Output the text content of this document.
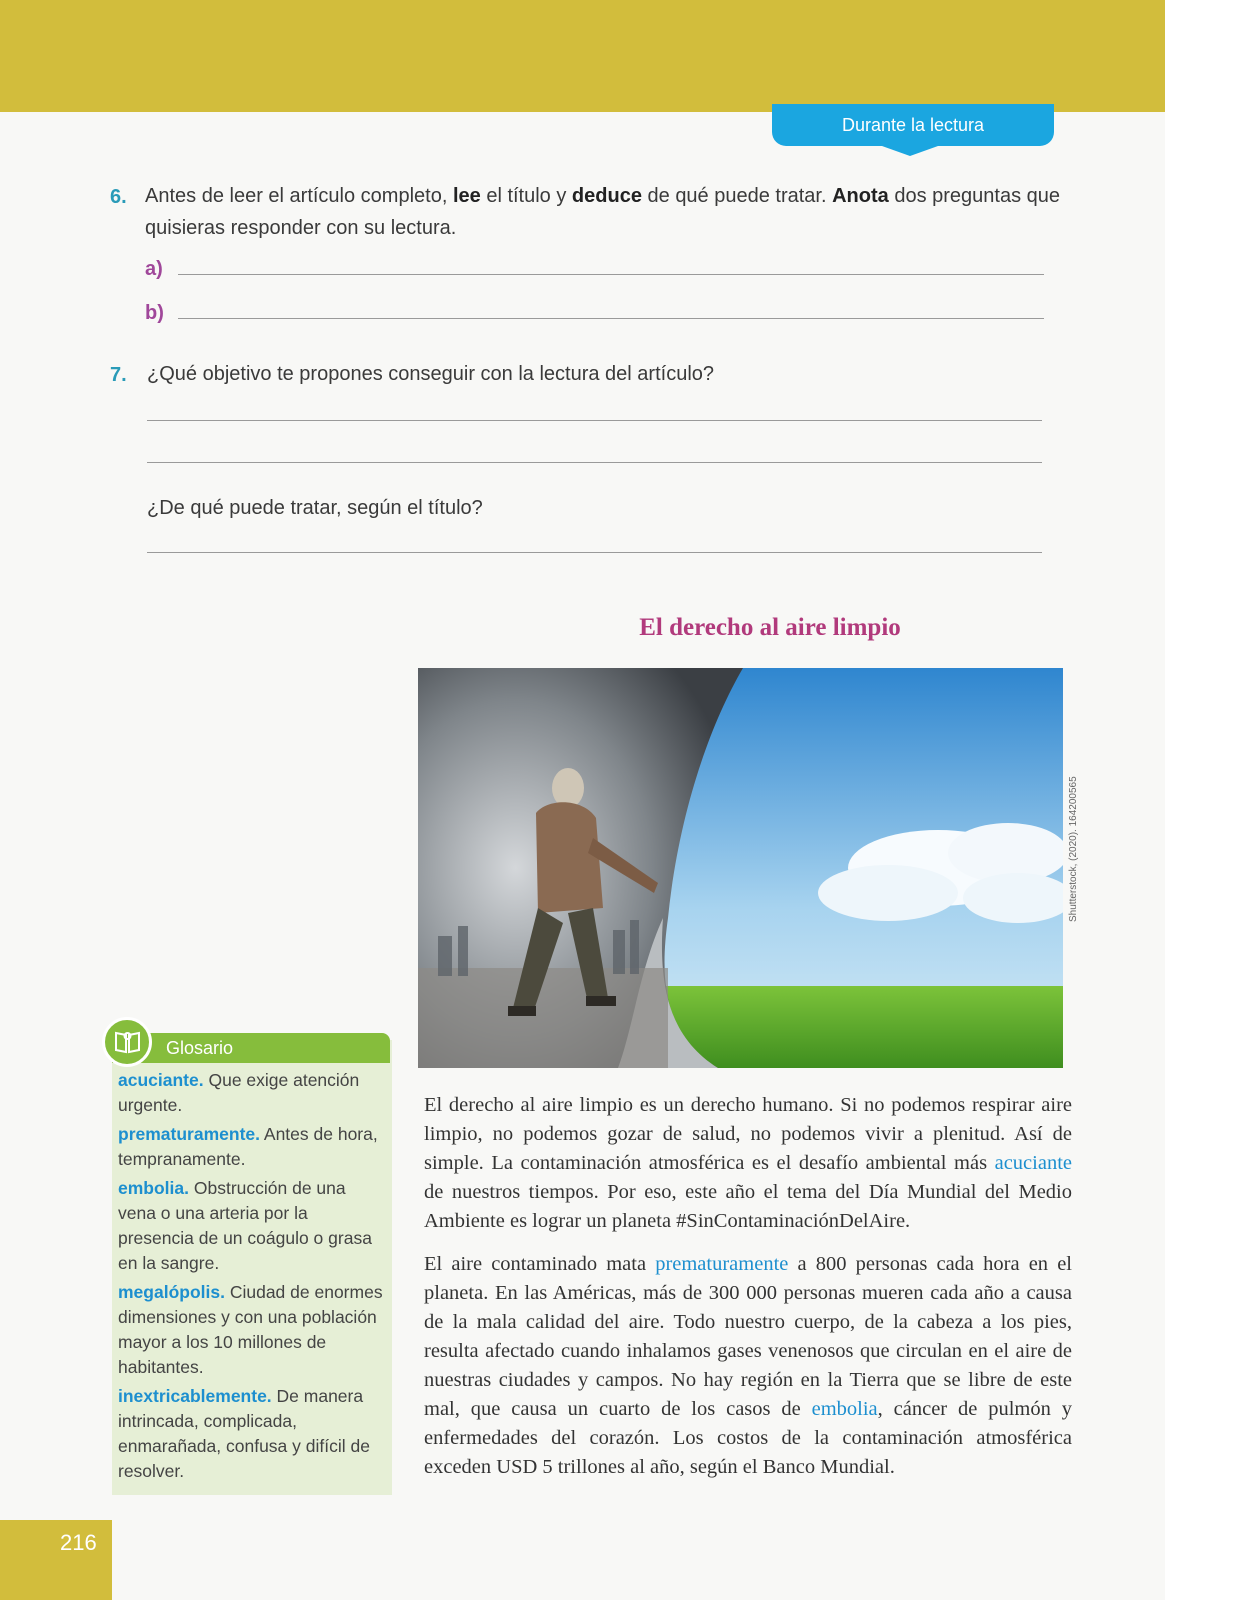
Durante la lectura
6. Antes de leer el artículo completo, lee el título y deduce de qué puede tratar. Anota dos preguntas que quisieras responder con su lectura.
a)
b)
7. ¿Qué objetivo te propones conseguir con la lectura del artículo?
¿De qué puede tratar, según el título?
El derecho al aire limpio
Shutterstock, (2020). 164200565
Glosario
acuciante. Que exige atención urgente.
prematuramente. Antes de hora, tempranamente.
embolia. Obstrucción de una vena o una arteria por la presencia de un coágulo o grasa en la sangre.
megalópolis. Ciudad de enormes dimensiones y con una población mayor a los 10 millones de habitantes.
inextricablemente. De manera intrincada, complicada, enmarañada, confusa y difícil de resolver.

El derecho al aire limpio es un derecho humano. Si no podemos respirar aire limpio, no podemos gozar de salud, no podemos vivir a plenitud. Así de simple. La contaminación atmosférica es el desafío ambiental más acuciante de nuestros tiempos. Por eso, este año el tema del Día Mundial del Medio Ambiente es lograr un planeta #SinContaminaciónDelAire.

El aire contaminado mata prematuramente a 800 personas cada hora en el planeta. En las Américas, más de 300 000 personas mueren cada año a causa de la mala calidad del aire. Todo nuestro cuerpo, de la cabeza a los pies, resulta afectado cuando inhalamos gases venenosos que circulan en el aire de nuestras ciudades y campos. No hay región en la Tierra que se libre de este mal, que causa un cuarto de los casos de embolia, cáncer de pulmón y enfermedades del corazón. Los costos de la contaminación atmosférica exceden USD 5 trillones al año, según el Banco Mundial.

216
